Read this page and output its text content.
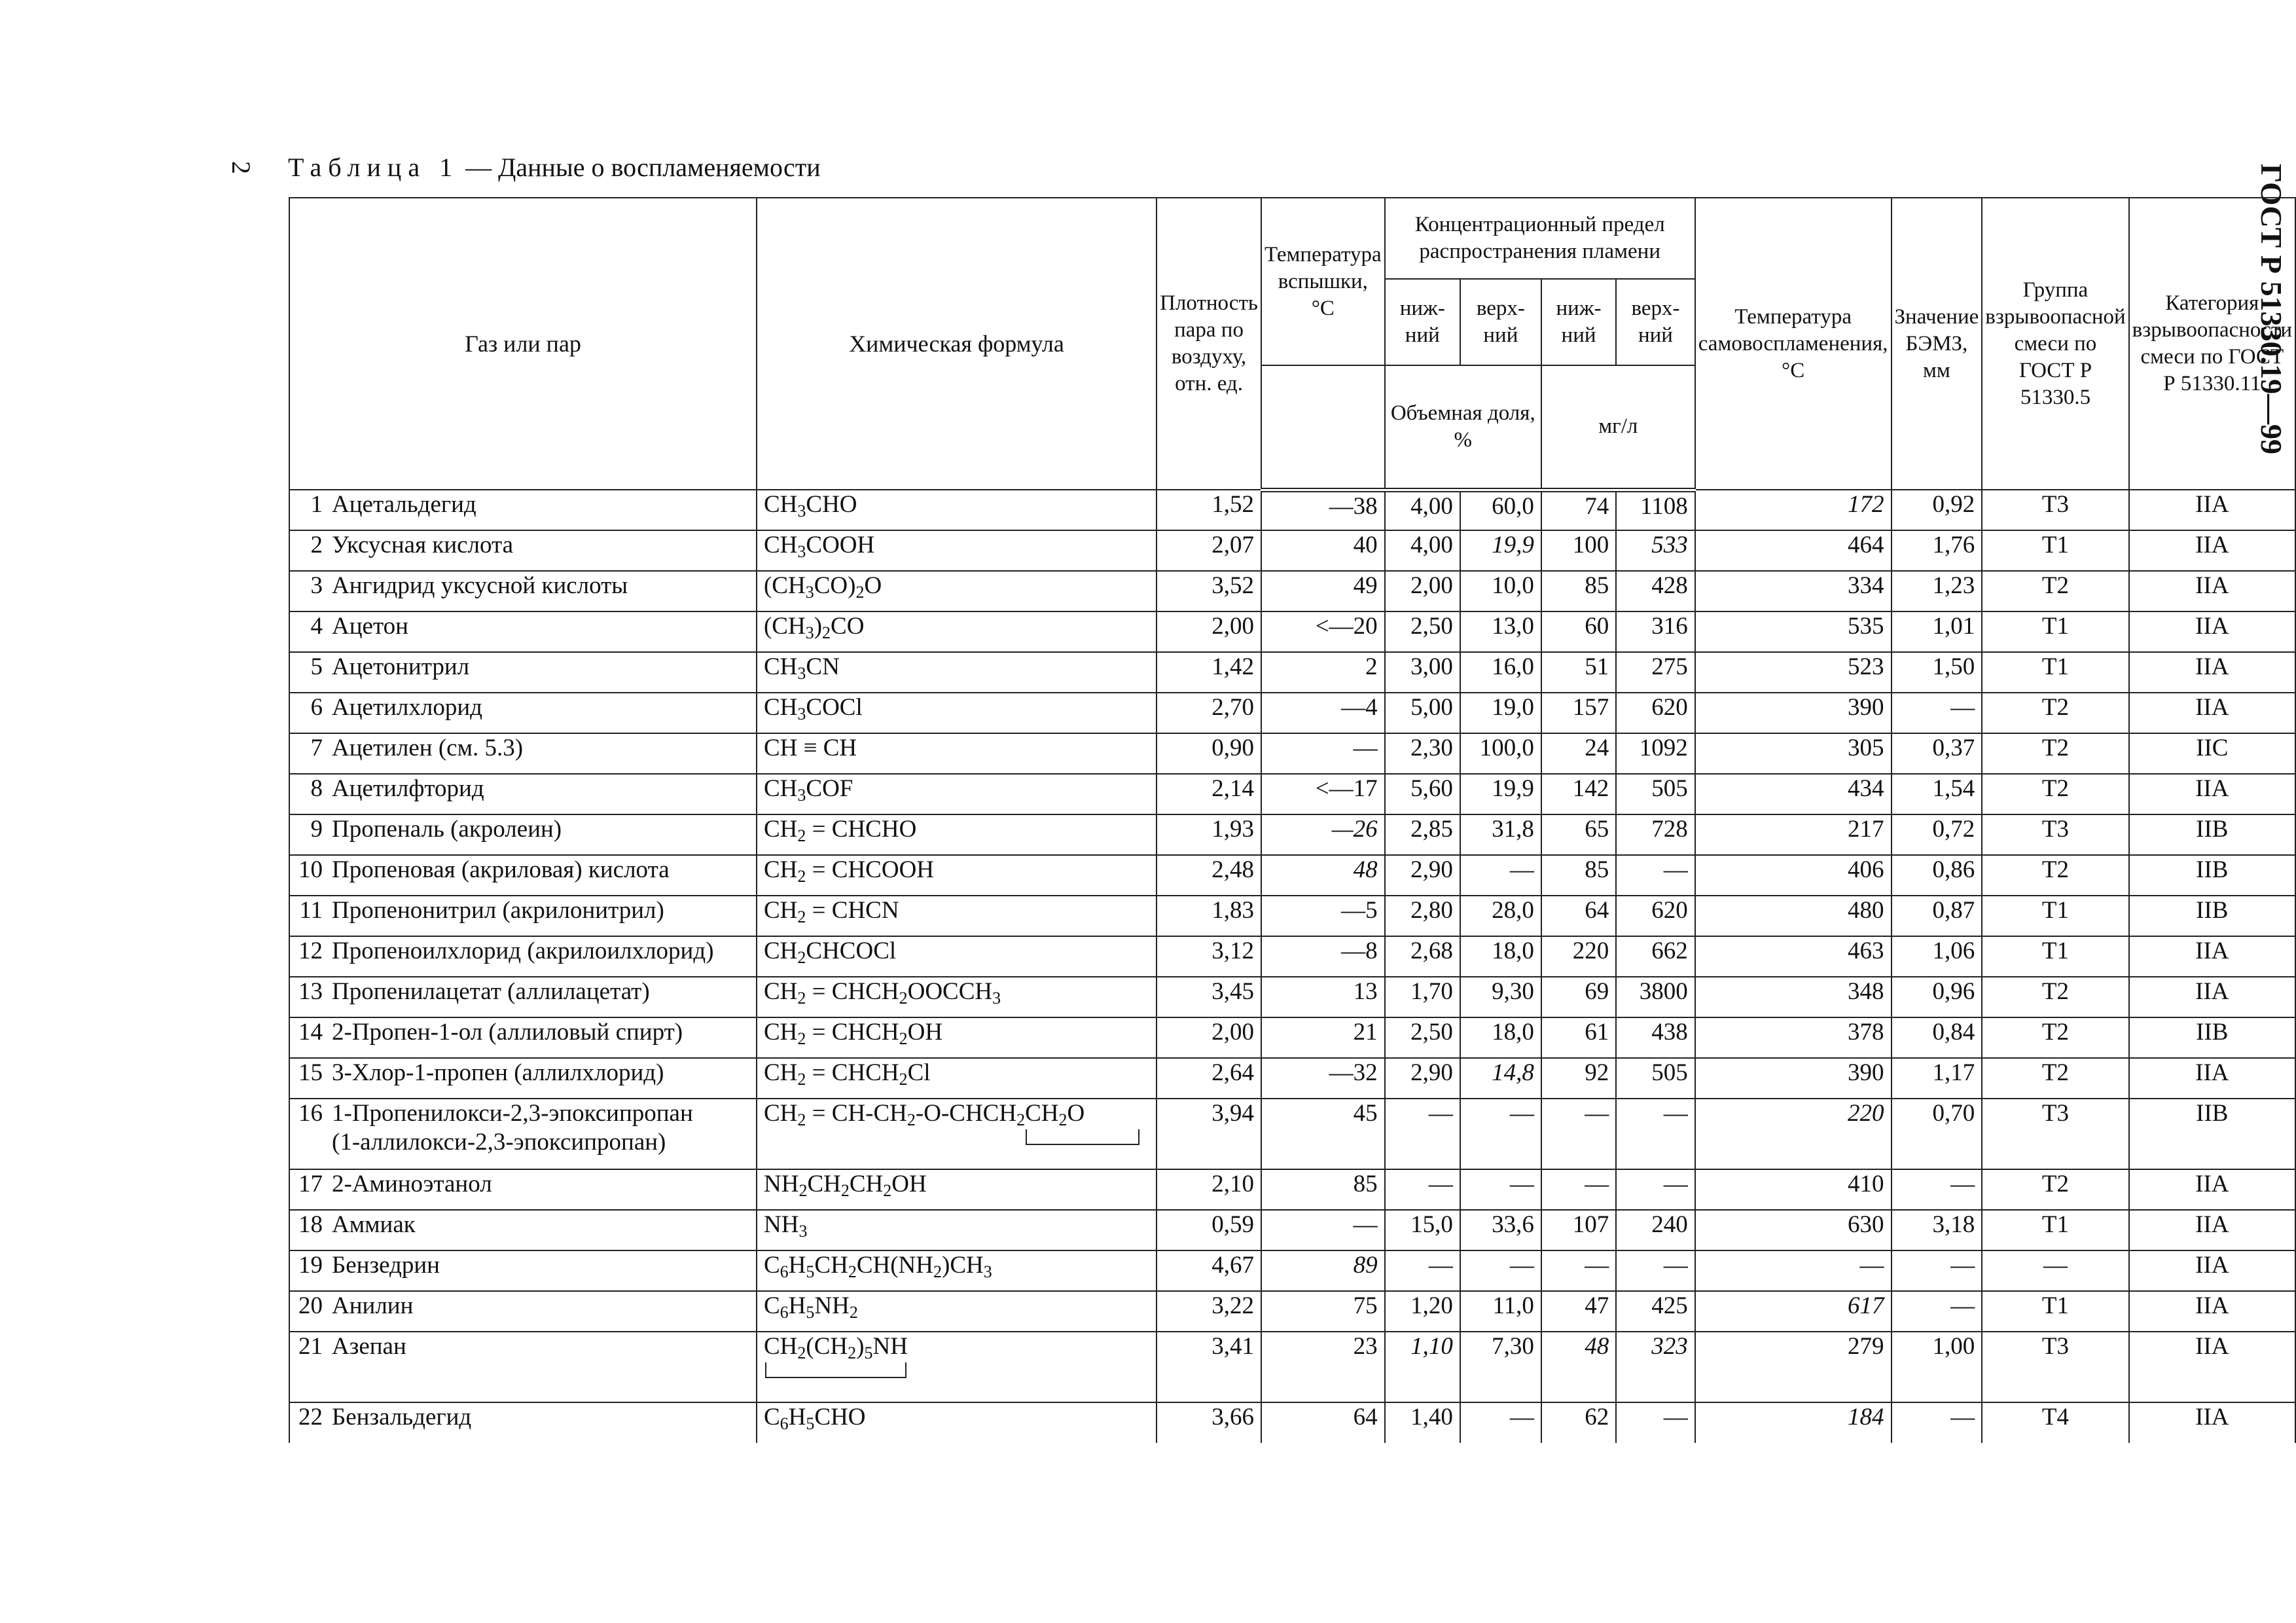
2 Таблица 1 — Данные о воспламеняемости	ГОСТ Р 51330.19—99
Газ или пар	Химическая формула	Плотность пара по воздуху, отн. ед.	Температура вспышки, °С	Концентрационный предел распространения пламени				Температура самовоспламенения, °С	Значение БЭМЗ, мм	Группа взрывоопасной смеси по ГОСТ Р 51330.5	Категория взрывоопасности смеси по ГОСТ Р 51330.11
				ниж-ний	верх-ний	ниж-ний	верх-ний				
				Объемная доля, %		мг/л					
1 Ацетальдегид	$CH_3CHO$	1,52	—38	4,00	60,0	74	1108	172	0,92	T3	IIA
2 Уксусная кислота	$CH_3COOH$	2,07	40	4,00	19,9	100	533	464	1,76	T1	IIA
3 Ангидрид уксусной кислоты	$(CH_3CO)_2O$	3,52	49	2,00	10,0	85	428	334	1,23	T2	IIA
4 Ацетон	$(CH_3)_2CO$	2,00	<—20	2,50	13,0	60	316	535	1,01	T1	IIA
5 Ацетонитрил	$CH_3CN$	1,42	2	3,00	16,0	51	275	523	1,50	T1	IIA
6 Ацетилхлорид	$CH_3COCl$	2,70	—4	5,00	19,0	157	620	390	—	T2	IIA
7 Ацетилен (см. 5.3)	CH ≡ CH	0,90	—	2,30	100,0	24	1092	305	0,37	T2	IIC
8 Ацетилфторид	$CH_3COF$	2,14	<—17	5,60	19,9	142	505	434	1,54	T2	IIA
9 Пропеналь (акролеин)	$CH_2$ = CHCHO	1,93	—26	2,85	31,8	65	728	217	0,72	T3	IIB
10 Пропеновая (акриловая) кислота	$CH_2$ = CHCOOH	2,48	48	2,90	—	85	—	406	0,86	T2	IIB
11 Пропенонитрил (акрилонитрил)	$CH_2$ = CHCN	1,83	—5	2,80	28,0	64	620	480	0,87	T1	IIB
12 Пропеноилхлорид (акрилоилхлорид)	$CH_2CHCOCl$	3,12	—8	2,68	18,0	220	662	463	1,06	T1	IIA
13 Пропенилацетат (аллилацетат)	$CH_2$ = $CHCH_2OOCCH_3$	3,45	13	1,70	9,30	69	3800	348	0,96	T2	IIA
14 2-Пропен-1-ол (аллиловый спирт)	$CH_2$ = $CHCH_2OH$	2,00	21	2,50	18,0	61	438	378	0,84	T2	IIB
15 3-Хлор-1-пропен (аллилхлорид)	$CH_2$ = $CHCH_2Cl$	2,64	—32	2,90	14,8	92	505	390	1,17	T2	IIA
16 1-Пропенилокси-2,3-эпоксипропан
(1-аллилокси-2,3-эпоксипропан)	$CH_2$ = $CH-CH_2-O-CHCH_2CH_2O$	3,94	45	—	—	—	—	220	0,70	T3	IIB
17 2-Аминоэтанол	$NH_2CH_2CH_2OH$	2,10	85	—	—	—	—	410	—	T2	IIA
18 Аммиак	$NH_3$	0,59	—	15,0	33,6	107	240	630	3,18	T1	IIA
19 Бензедрин	$C_6H_5CH_2CH(NH_2)CH_3$	4,67	89	—	—	—	—	—	—	—	IIA
20 Анилин	$C_6H_5NH_2$	3,22	75	1,20	11,0	47	425	617	—	T1	IIA
21 Азепан	$CH_2(CH_2)_5NH$	3,41	23	1,10	7,30	48	323	279	1,00	T3	IIA
22 Бензальдегид	$C_6H_5CHO$	3,66	64	1,40	—	62	—	184	—	T4	IIA
